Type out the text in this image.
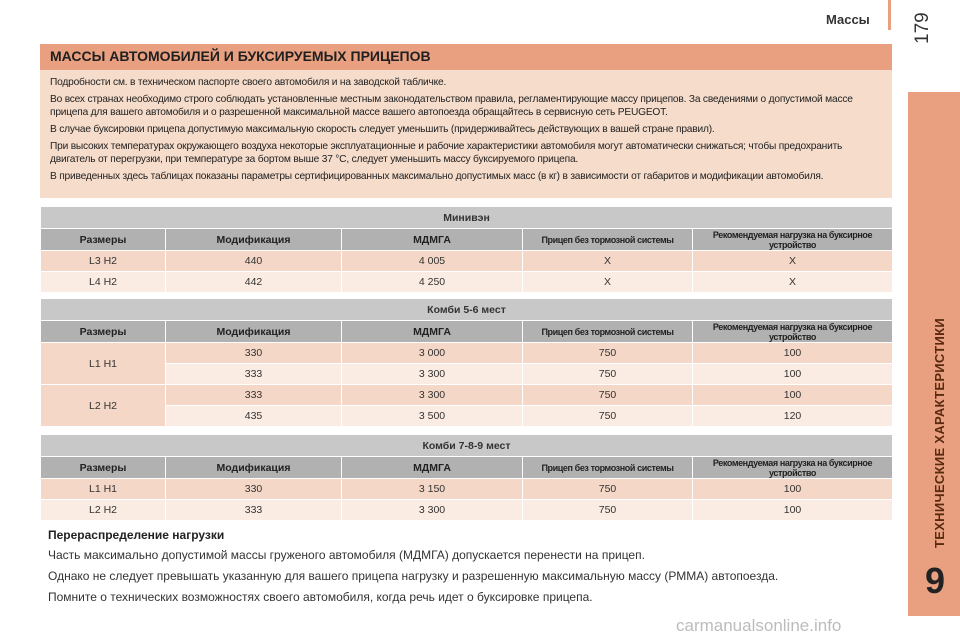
Массы 179
ТЕХНИЧЕСКИЕ ХАРАКТЕРИСТИКИ
9
МАССЫ АВТОМОБИЛЕЙ И БУКСИРУЕМЫХ ПРИЦЕПОВ

Подробности см. в техническом паспорте своего автомобиля и на заводской табличке.

Во всех странах необходимо строго соблюдать установленные местным законодательством правила, регламентирующие массу прицепов. За сведениями о допустимой массе прицепа для вашего автомобиля и о разрешенной максимальной массе вашего автопоезда обращайтесь в сервисную сеть PEUGEOT.

В случае буксировки прицепа допустимую максимальную скорость следует уменьшить (придерживайтесь действующих в вашей стране правил).

При высоких температурах окружающего воздуха некоторые эксплуатационные и рабочие характеристики автомобиля могут автоматически снижаться; чтобы предохранить двигатель от перегрузки, при температуре за бортом выше 37 °C, следует уменьшить массу буксируемого прицепа.

В приведенных здесь таблицах показаны параметры сертифицированных максимально допустимых масс (в кг) в зависимости от габаритов и модификации автомобиля.

Минивэн				
Размеры	Модификация	МДМГА	Прицеп без тормозной системы	Рекомендуемая нагрузка на буксирное устройство
L3 H2	440	4 005	X	X
L4 H2	442	4 250	X	X
Комби 5-6 мест				
Размеры	Модификация	МДМГА	Прицеп без тормозной системы	Рекомендуемая нагрузка на буксирное устройство
L1 H1	330	3 000	750	100
	333	3 300	750	100
L2 H2	333	3 300	750	100
	435	3 500	750	120
Комби 7-8-9 мест				
Размеры	Модификация	МДМГА	Прицеп без тормозной системы	Рекомендуемая нагрузка на буксирное устройство
L1 H1	330	3 150	750	100
L2 H2	333	3 300	750	100
Перераспределение нагрузки

Часть максимально допустимой массы груженого автомобиля (МДМГА) допускается перенести на прицеп.

Однако не следует превышать указанную для вашего прицепа нагрузку и разрешенную максимальную массу (РММА) автопоезда.

Помните о технических возможностях своего автомобиля, когда речь идет о буксировке прицепа.

carmanualsonline.info
